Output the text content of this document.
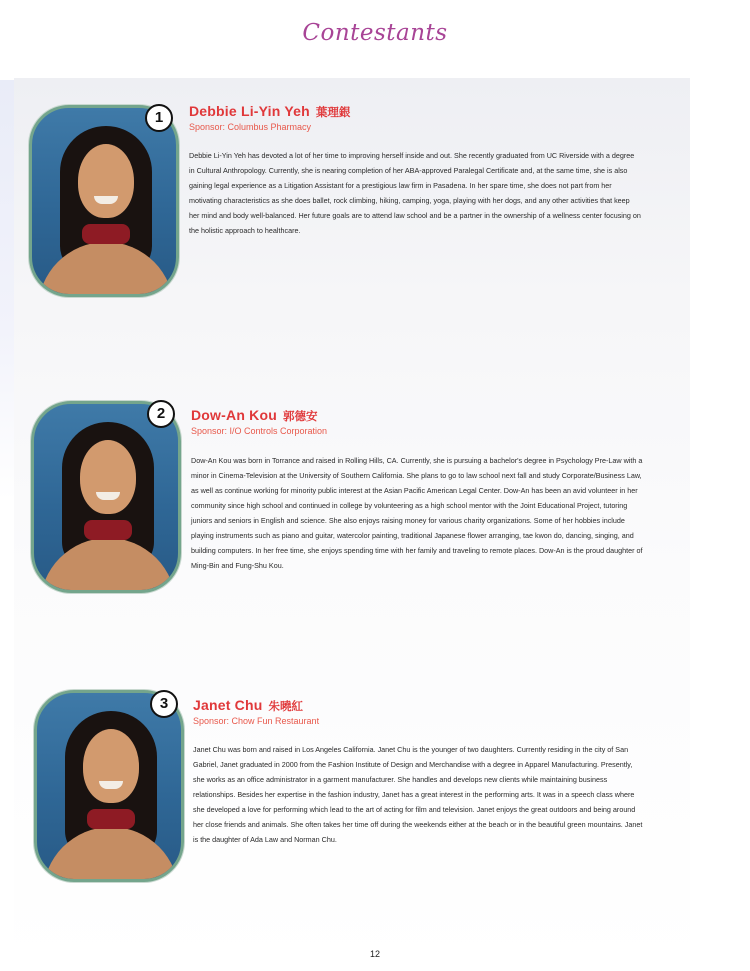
Contestants
1	Debbie Li-Yin Yeh 葉理銀
Sponsor: Columbus Pharmacy

Debbie Li-Yin Yeh has devoted a lot of her time to improving herself inside and out. She recently graduated from UC Riverside with a degree in Cultural Anthropology. Currently, she is nearing completion of her ABA-approved Paralegal Certificate and, at the same time, she is also gaining legal experience as a Litigation Assistant for a prestigious law firm in Pasadena. In her spare time, she does not part from her motivating characteristics as she does ballet, rock climbing, hiking, camping, yoga, playing with her dogs, and any other activities that keep her mind and body well-balanced. Her future goals are to attend law school and be a partner in the ownership of a wellness center focusing on the holistic approach to healthcare.

2	Dow-An Kou 郭德安
Sponsor: I/O Controls Corporation

Dow-An Kou was born in Torrance and raised in Rolling Hills, CA. Currently, she is pursuing a bachelor's degree in Psychology Pre-Law with a minor in Cinema-Television at the University of Southern California. She plans to go to law school next fall and study Corporate/Business Law, as well as continue working for minority public interest at the Asian Pacific American Legal Center. Dow-An has been an avid volunteer in her community since high school and continued in college by volunteering as a high school mentor with the Joint Educational Project, tutoring juniors and seniors in English and science. She also enjoys raising money for various charity organizations. Some of her hobbies include playing instruments such as piano and guitar, watercolor painting, traditional Japanese flower arranging, tae kwon do, dancing, singing, and building computers. In her free time, she enjoys spending time with her family and traveling to remote places. Dow-An is the proud daughter of Ming-Bin and Fung-Shu Kou.

3	Janet Chu 朱曉紅
Sponsor: Chow Fun Restaurant

Janet Chu was born and raised in Los Angeles California. Janet Chu is the younger of two daughters. Currently residing in the city of San Gabriel, Janet graduated in 2000 from the Fashion Institute of Design and Merchandise with a degree in Apparel Manufacturing. Presently, she works as an office administrator in a garment manufacturer. She handles and develops new clients while maintaining business relationships. Besides her expertise in the fashion industry, Janet has a great interest in the performing arts. It was in a speech class where she developed a love for performing which lead to the art of acting for film and television. Janet enjoys the great outdoors and being around her close friends and animals. She often takes her time off during the weekends either at the beach or in the beautiful green mountains. Janet is the daughter of Ada Law and Norman Chu.

12
